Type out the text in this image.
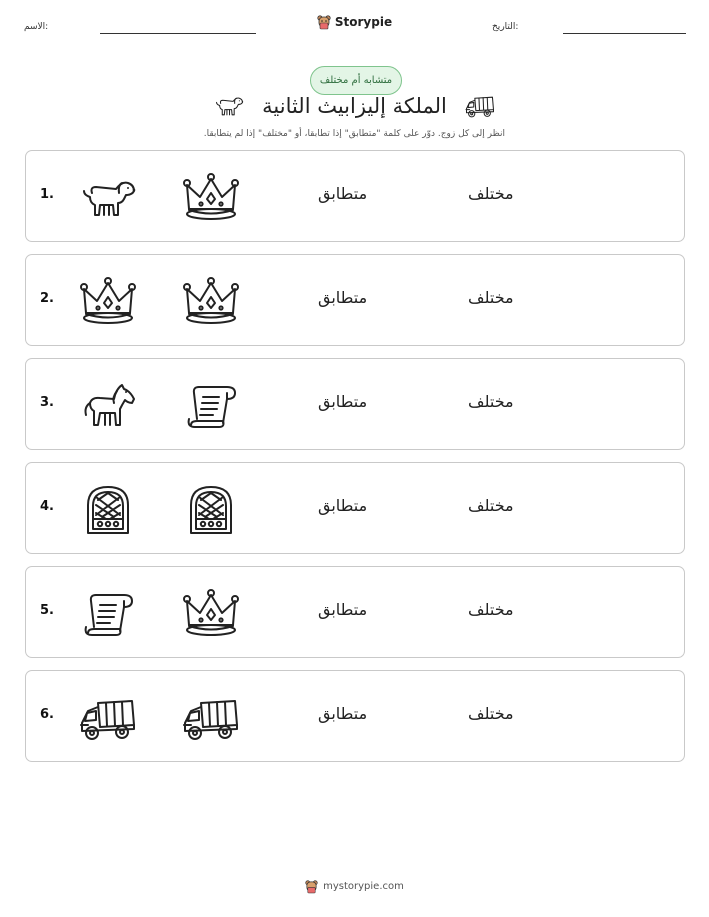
الاسم:	Storypie	التاريخ:
متشابه أم مختلف
الملكة إليزابيث الثانية
انظر إلى كل زوج. دوّر على كلمة "متطابق" إذا تطابقا، أو "مختلف" إذا لم يتطابقا.
1.	متطابق	مختلف
2.	متطابق	مختلف
3.	متطابق	مختلف
4.	متطابق	مختلف
5.	متطابق	مختلف
6.	متطابق	مختلف
mystorypie.com
